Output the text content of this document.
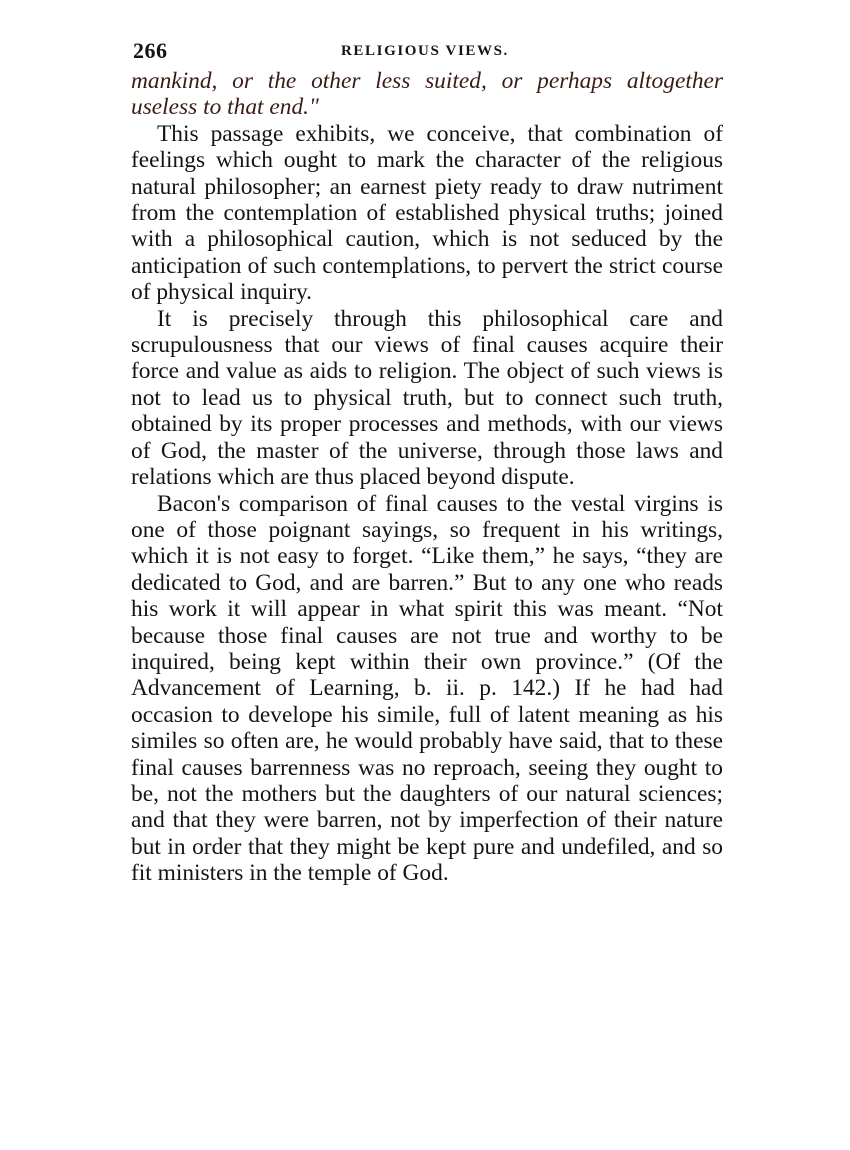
266	RELIGIOUS VIEWS.

mankind, or the other less suited, or perhaps altogether useless to that end."

This passage exhibits, we conceive, that combination of feelings which ought to mark the character of the religious natural philosopher; an earnest piety ready to draw nutriment from the contemplation of established physical truths; joined with a philosophical caution, which is not seduced by the anticipation of such contemplations, to pervert the strict course of physical inquiry.

It is precisely through this philosophical care and scrupulousness that our views of final causes acquire their force and value as aids to religion. The object of such views is not to lead us to physical truth, but to connect such truth, obtained by its proper processes and methods, with our views of God, the master of the universe, through those laws and relations which are thus placed beyond dispute.

Bacon's comparison of final causes to the vestal virgins is one of those poignant sayings, so frequent in his writings, which it is not easy to forget. “Like them,” he says, “they are dedicated to God, and are barren.” But to any one who reads his work it will appear in what spirit this was meant. “Not because those final causes are not true and worthy to be inquired, being kept within their own province.” (Of the Advancement of Learning, b. ii. p. 142.) If he had had occasion to develope his simile, full of latent meaning as his similes so often are, he would probably have said, that to these final causes barrenness was no reproach, seeing they ought to be, not the mothers but the daughters of our natural sciences; and that they were barren, not by imperfection of their nature but in order that they might be kept pure and undefiled, and so fit ministers in the temple of God.
